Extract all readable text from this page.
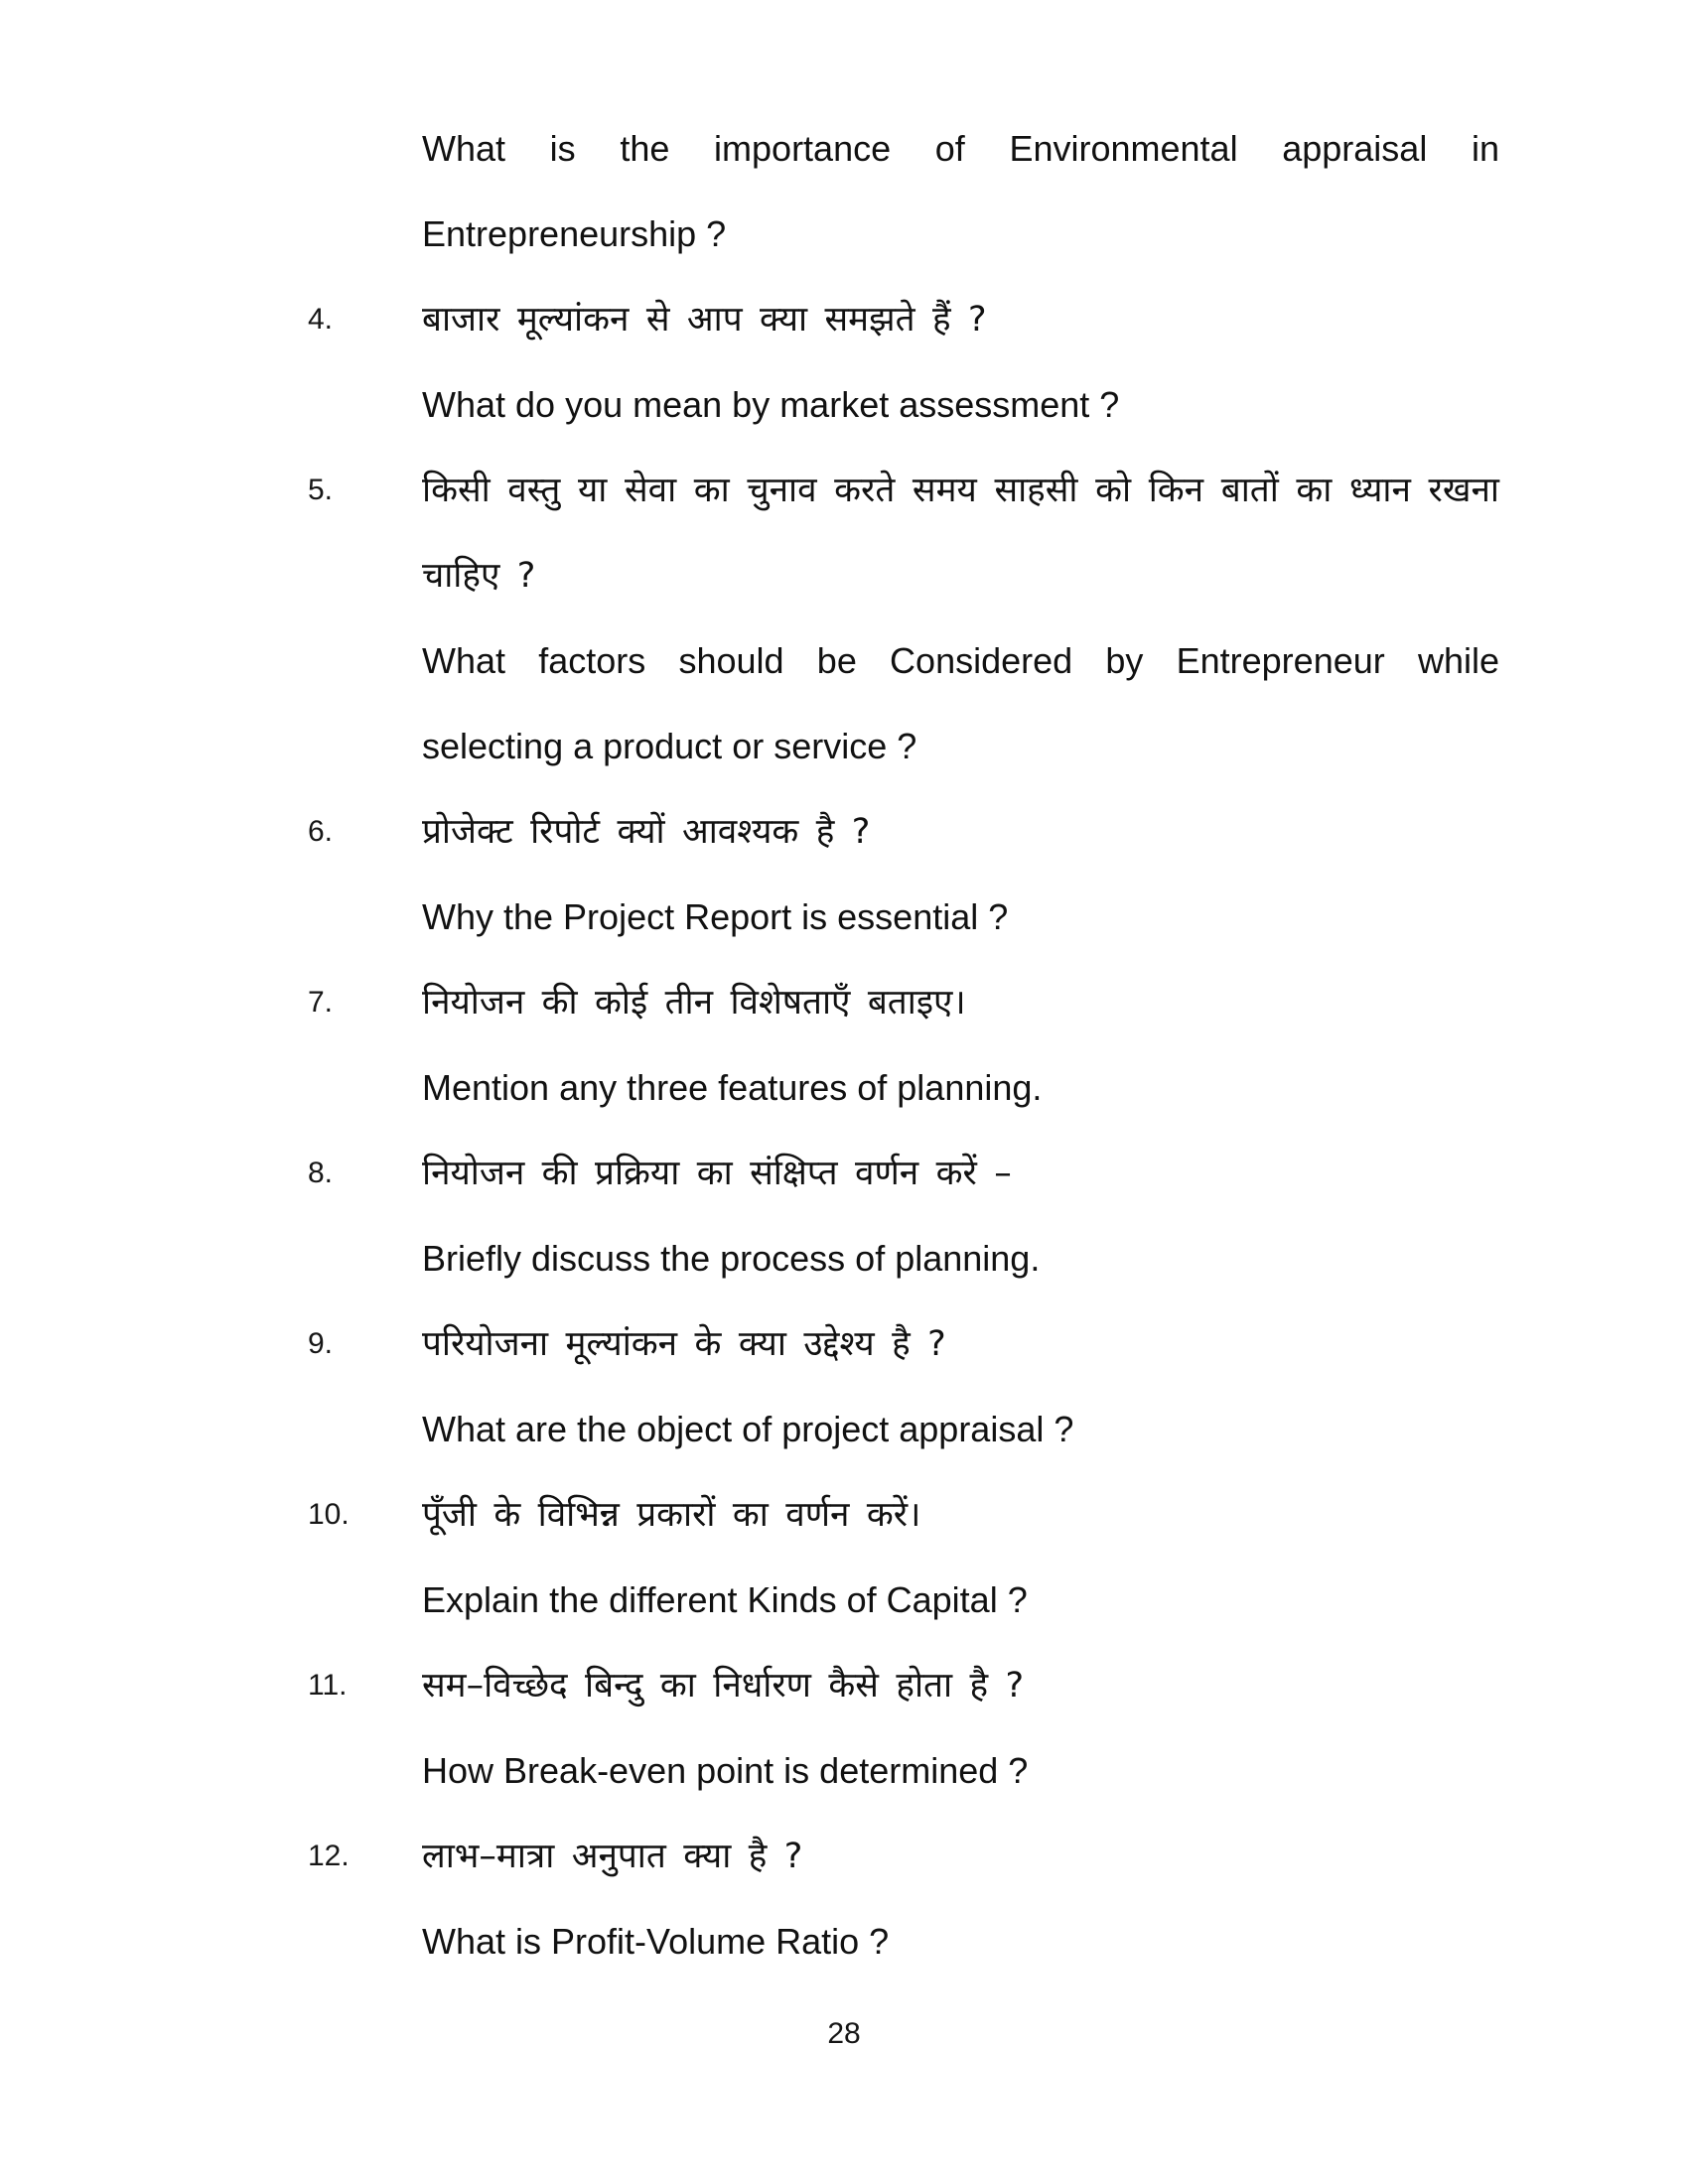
What is the importance of Environmental appraisal in
Entrepreneurship ?
4.	बाजार मूल्यांकन से आप क्या समझते हैं ?
What do you mean by market assessment ?
5.	किसी वस्तु या सेवा का चुनाव करते समय साहसी को किन बातों का ध्यान रखना
चाहिए ?
What factors should be Considered by Entrepreneur while
selecting a product or service ?
6.	प्रोजेक्ट रिपोर्ट क्यों आवश्यक है ?
Why the Project Report is essential ?
7.	नियोजन की कोई तीन विशेषताएँ बताइए।
Mention any three features of planning.
8.	नियोजन की प्रक्रिया का संक्षिप्त वर्णन करें –
Briefly discuss the process of planning.
9.	परियोजना मूल्यांकन के क्या उद्देश्य है ?
What are the object of project appraisal ?
10.	पूँजी के विभिन्न प्रकारों का वर्णन करें।
Explain the different Kinds of Capital ?
11.	सम–विच्छेद बिन्दु का निर्धारण कैसे होता है ?
How Break-even point is determined ?
12.	लाभ–मात्रा अनुपात क्या है ?
What is Profit-Volume Ratio ?
28
